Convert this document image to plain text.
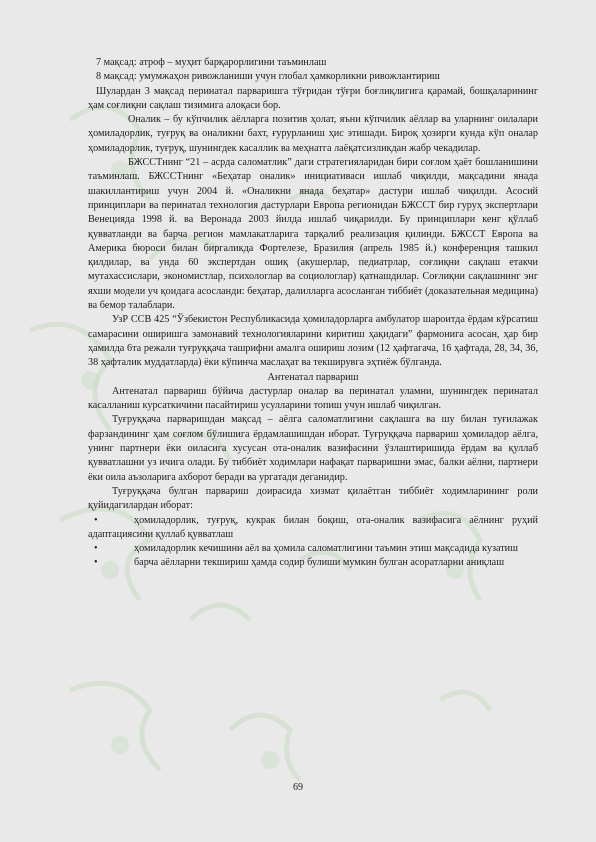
7 мақсад: атроф – муҳит барқарорлигини таъминлаш

8 мақсад: умумжаҳон ривожланиши учун глобал ҳамкорликни ривожлантириш

Шулардан 3 мақсад перинатал парваришга тўғридан тўғри боғлиқлигига қарамай, бошқаларининг ҳам соғлиқни сақлаш тизимига алоқаси бор.

Оналик – бу кўпчилик аёлларга позитив ҳолат, яъни кўпчилик аёллар ва уларнинг оилалари ҳомиладорлик, туғруқ ва оналикни бахт, ғурурланиш ҳис этишади. Бироқ ҳозирги кунда кўп оналар ҳомиладорлик, туғруқ, шунингдек касаллик ва меҳнатга лаёқатсизликдан жабр чекадилар.

БЖССТнинг “21 – асрда саломатлик” даги стратегияларидан бири соғлом ҳаёт бошланишини таъминлаш. БЖССТнинг «Беҳатар оналик» инициативаси ишлаб чиқилди, мақсадини янада шакиллантириш учун 2004 й. «Оналикни янада беҳатар» дастури ишлаб чиқилди. Асосий принциплари ва перинатал технология дастурлари Европа регионидан БЖССТ бир гуруҳ экспертлари Венецияда 1998 й. ва Веронада 2003 йилда ишлаб чиқарилди. Бу принциплари кенг қўллаб қувватланди ва барча регион мамлакатларига тарқалиб реализация қилинди. БЖССТ Европа ва Америка бюроси билан биргаликда Фортелезе, Бразилия (апрель 1985 й.) конференция ташкил қилдилар, ва унда 60 экспертдан ошиқ (акушерлар, педиатрлар, соғлиқни сақлаш етакчи мутахассислари, экономистлар, психологлар ва социологлар) қатнашдилар. Соғлиқни сақлашнинг энг яхши модели уч қоидага асосланди: беҳатар, далилларга асосланган тиббиёт (доказательная медицина) ва бемор талаблари.

УзР ССВ 425 “Ўзбекистон Республикасида ҳомиладорларга амбулатор шароитда ёрдам кўрсатиш самарасини оширишга замонавий технологияларини киритиш ҳақидаги” фармонига асосан, ҳар бир ҳамилда 6та режали туғруққача ташрифни амалга ошириш лозим (12 ҳафтагача, 16 ҳафтада, 28, 34, 36, 38 ҳафталик муддатларда) ёки кўпинча маслаҳат ва текширувга эҳтиёж бўлганда.

Антенатал парвариш

Антенатал парвариш бўйича дастурлар оналар ва перинатал уламни, шунингдек перинатал касалланиш курсаткичини пасайтириш усулларини топиш учун ишлаб чиқилган.

Туғруққача парваришдан мақсад – аёлга саломатлигини сақлашга ва шу билан туғилажак фарзандининг ҳам соғлом бўлишига ёрдамлашишдан иборат. Туғруққача парвариш ҳомиладор аёлга, унинг партнери ёки оиласига хусусан ота-оналик вазифасини ўзлаштиришида ёрдам ва қуллаб қувватлашни уз ичига олади. Бу тиббиёт ходимлари нафақат парваришни эмас, балки аёлни, партнери ёки оила аъзоларига ахборот беради ва ургатади деганидир.

Туғруққача булган парвариш доирасида хизмат қилаётган тиббиёт ходимларининг роли қуйидагилардан иборат:

•	ҳомиладорлик, туғруқ, кукрак билан боқиш, ота-оналик вазифасига аёлнинг руҳий адаптациясини қуллаб қувватлаш

•	ҳомиладорлик кечишини аёл ва ҳомила саломатлигини таъмин этиш мақсадида кузатиш

•	барча аёлларни текшириш ҳамда содир булиши мумкин булган асоратларни аниқлаш

69
